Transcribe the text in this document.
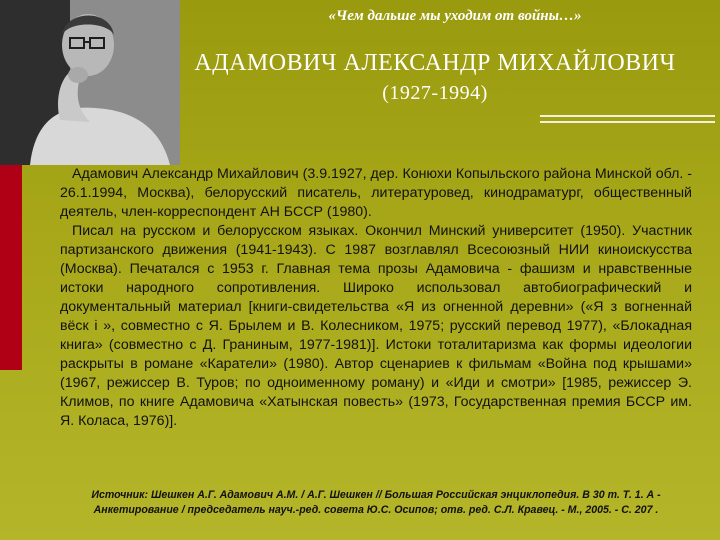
«Чем дальше мы уходим от войны…»
АДАМОВИЧ АЛЕКСАНДР МИХАЙЛОВИЧ
(1927-1994)
Адамович Александр Михайлович (3.9.1927, дер. Конюхи Копыльского района Минской обл. - 26.1.1994, Москва), белорусский писатель, литературовед, кинодраматург, общественный деятель, член-корреспондент АН БССР (1980).
Писал на русском и белорусском языках. Окончил Минский университет (1950). Участник партизанского движения (1941-1943). С 1987 возглавлял Всесоюзный НИИ киноискусства (Москва). Печатался с 1953 г. Главная тема прозы Адамовича - фашизм и нравственные истоки народного сопротивления. Широко использовал автобиографический и документальный материал [книги-свидетельства «Я из огненной деревни» («Я з вогненнай вёск і », совместно с Я. Брылем и В. Колесником, 1975; русский перевод 1977), «Блокадная книга» (совместно с Д. Граниным, 1977-1981)]. Истоки тоталитаризма как формы идеологии раскрыты в романе «Каратели» (1980). Автор сценариев к фильмам «Война под крышами» (1967, режиссер В. Туров; по одноименному роману) и «Иди и смотри» [1985, режиссер Э. Климов, по книге Адамовича «Хатынская повесть» (1973, Государственная премия БССР им. Я. Коласа, 1976)].
Источник: Шешкен А.Г. Адамович А.М. / А.Г. Шешкен // Большая Российская энциклопедия. В 30 т. Т. 1. А - Анкетирование / председатель науч.-ред. совета Ю.С. Осипов; отв. ред. С.Л. Кравец. - М., 2005. - С. 207 .
